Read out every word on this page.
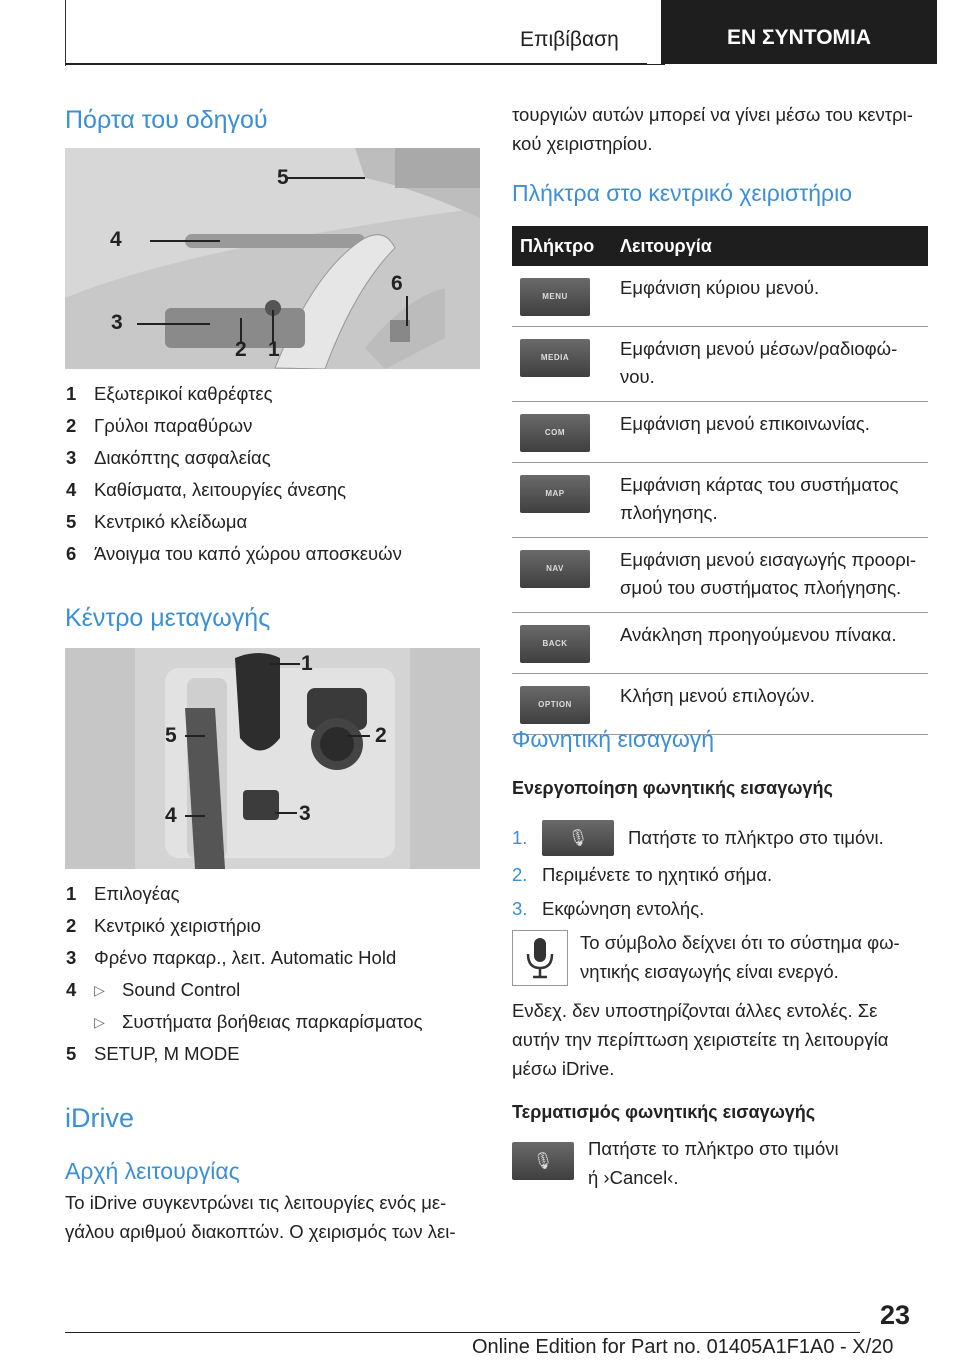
Επιβίβαση	ΕΝ ΣΥΝΤΟΜΙΑ
Πόρτα του οδηγού
5
4
6
3
2 1
1 Εξωτερικοί καθρέφτες
2 Γρύλοι παραθύρων
3 Διακόπτης ασφαλείας
4 Καθίσματα, λειτουργίες άνεσης
5 Κεντρικό κλείδωμα
6 Άνοιγμα του καπό χώρου αποσκευών
Κέντρο μεταγωγής
1
5	2
4	3
1 Επιλογέας
2 Κεντρικό χειριστήριο
3 Φρένο παρκαρ., λειτ. Automatic Hold
4	▷ Sound Control
▷ Συστήματα βοήθειας παρκαρίσματος
5 SETUP, M MODE
iDrive
Αρχή λειτουργίας
Το iDrive συγκεντρώνει τις λειτουργίες ενός με-
γάλου αριθμού διακοπτών. Ο χειρισμός των λει-
τουργιών αυτών μπορεί να γίνει μέσω του κεντρι-
κού χειριστηρίου.
Πλήκτρα στο κεντρικό χειριστήριο
Πλήκτρο	Λειτουργία

MENU	Εμφάνιση κύριου μενού.

MEDIA	Εμφάνιση μενού μέσων/ραδιοφώ-
νου.

COM	Εμφάνιση μενού επικοινωνίας.

MAP	Εμφάνιση κάρτας του συστήματος
πλοήγησης.

NAV	Εμφάνιση μενού εισαγωγής προορι-
σμού του συστήματος πλοήγησης.

BACK	Ανάκληση προηγούμενου πίνακα.

OPTION	Κλήση μενού επιλογών.
Φωνητική εισαγωγή
Ενεργοποίηση φωνητικής εισαγωγής
1.	🎙	Πατήστε το πλήκτρο στο τιμόνι.
2. Περιμένετε το ηχητικό σήμα.
3. Εκφώνηση εντολής.
Το σύμβολο δείχνει ότι το σύστημα φω-
νητικής εισαγωγής είναι ενεργό.
Ενδεχ. δεν υποστηρίζονται άλλες εντολές. Σε
αυτήν την περίπτωση χειριστείτε τη λειτουργία
μέσω iDrive.
Τερματισμός φωνητικής εισαγωγής
🎙
Πατήστε το πλήκτρο στο τιμόνι
ή ›Cancel‹.
23
Online Edition for Part no. 01405A1F1A0 - X/20
